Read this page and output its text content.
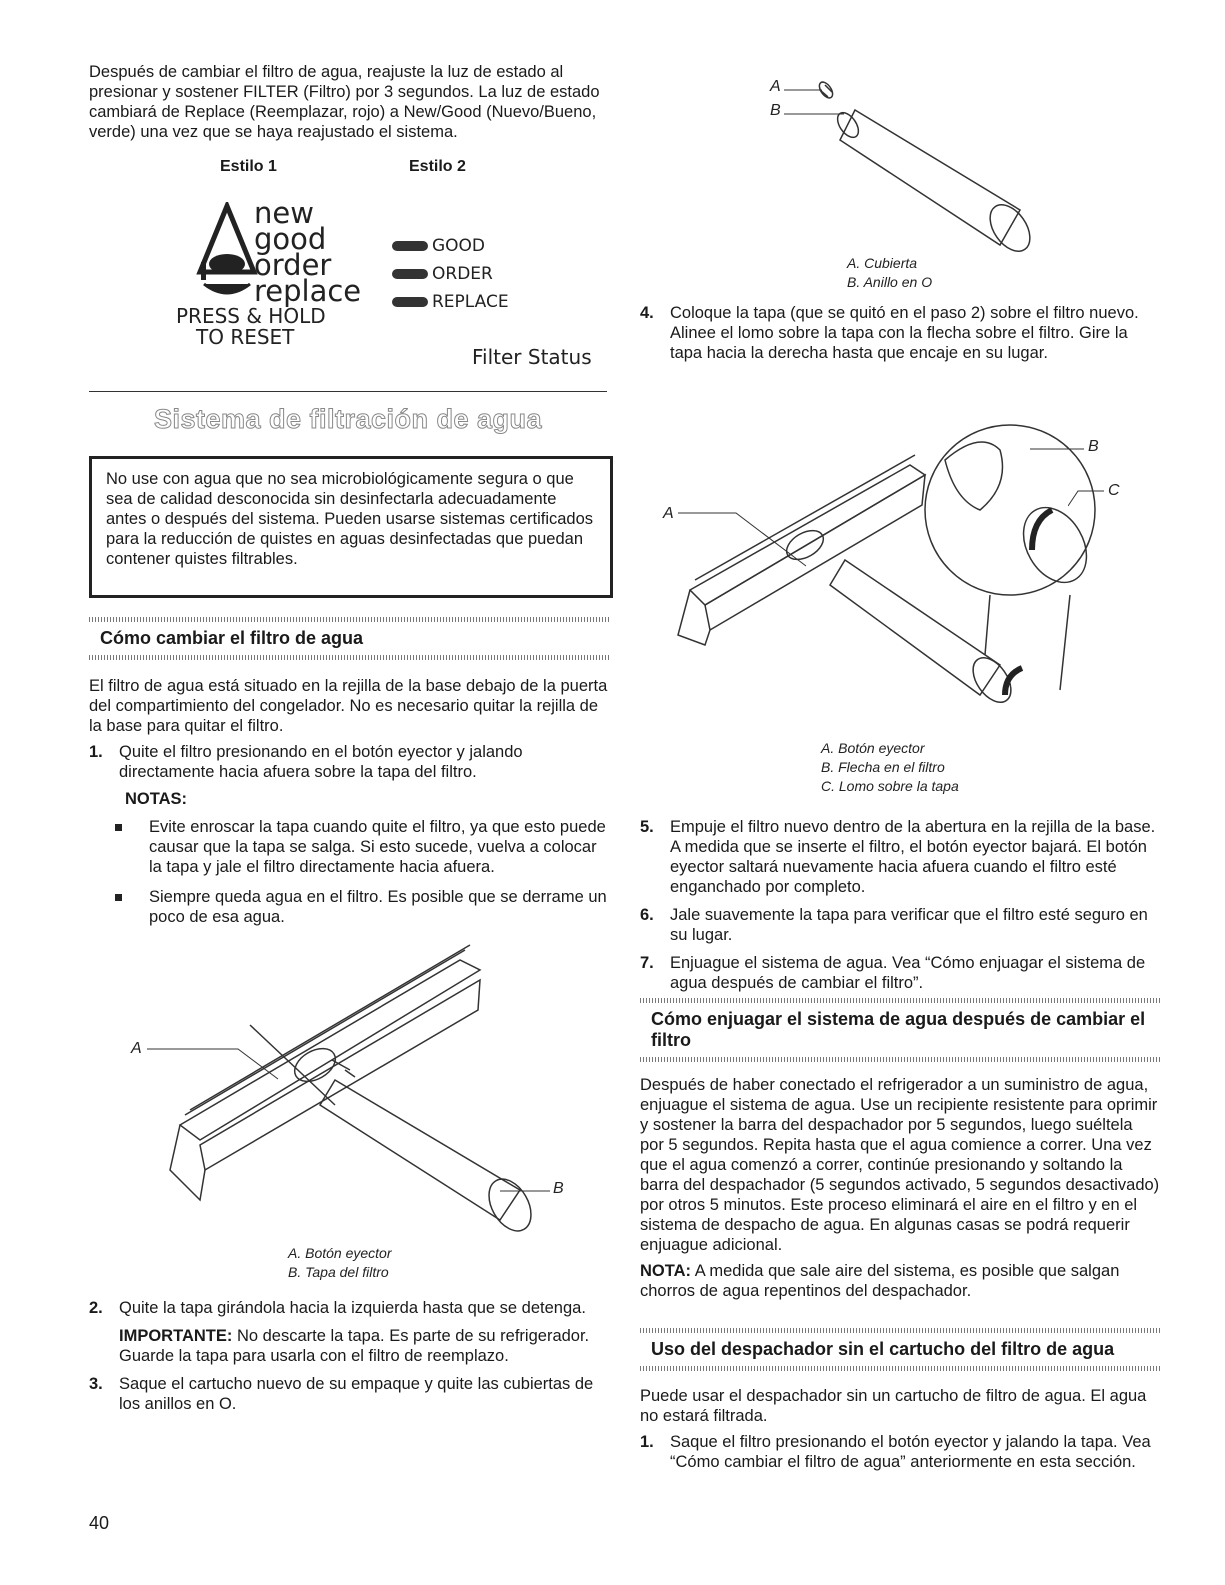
Después de cambiar el filtro de agua, reajuste la luz de estado al presionar y sostener FILTER (Filtro) por 3 segundos. La luz de estado cambiará de Replace (Reemplazar, rojo) a New/Good (Nuevo/Bueno, verde) una vez que se haya reajustado el sistema.

Estilo 1	Estilo 2
new
good
order
replace
PRESS & HOLD
TO RESET
GOOD
ORDER
REPLACE
Filter Status
Sistema de filtración de agua
No use con agua que no sea microbiológicamente segura o que sea de calidad desconocida sin desinfectarla adecuadamente antes o después del sistema. Pueden usarse sistemas certificados para la reducción de quistes en aguas desinfectadas que puedan contener quistes filtrables.
Cómo cambiar el filtro de agua

El filtro de agua está situado en la rejilla de la base debajo de la puerta del compartimiento del congelador. No es necesario quitar la rejilla de la base para quitar el filtro.

1. Quite el filtro presionando en el botón eyector y jalando directamente hacia afuera sobre la tapa del filtro.
NOTAS:
Evite enroscar la tapa cuando quite el filtro, ya que esto puede causar que la tapa se salga. Si esto sucede, vuelva a colocar la tapa y jale el filtro directamente hacia afuera.
Siempre queda agua en el filtro. Es posible que se derrame un poco de esa agua.
A
B
A. Botón eyector
B. Tapa del filtro
2. Quite la tapa girándola hacia la izquierda hasta que se detenga.
IMPORTANTE: No descarte la tapa. Es parte de su refrigerador. Guarde la tapa para usarla con el filtro de reemplazo.
3. Saque el cartucho nuevo de su empaque y quite las cubiertas de los anillos en O.
A
B
A. Cubierta
B. Anillo en O
4. Coloque la tapa (que se quitó en el paso 2) sobre el filtro nuevo. Alinee el lomo sobre la tapa con la flecha sobre el filtro. Gire la tapa hacia la derecha hasta que encaje en su lugar.
A
B
C
A. Botón eyector
B. Flecha en el filtro
C. Lomo sobre la tapa
5. Empuje el filtro nuevo dentro de la abertura en la rejilla de la base. A medida que se inserte el filtro, el botón eyector bajará. El botón eyector saltará nuevamente hacia afuera cuando el filtro esté enganchado por completo.
6. Jale suavemente la tapa para verificar que el filtro esté seguro en su lugar.
7. Enjuague el sistema de agua. Vea “Cómo enjuagar el sistema de agua después de cambiar el filtro”.
Cómo enjuagar el sistema de agua después de cambiar el filtro

Después de haber conectado el refrigerador a un suministro de agua, enjuague el sistema de agua. Use un recipiente resistente para oprimir y sostener la barra del despachador por 5 segundos, luego suéltela por 5 segundos. Repita hasta que el agua comience a correr. Una vez que el agua comenzó a correr, continúe presionando y soltando la barra del despachador (5 segundos activado, 5 segundos desactivado) por otros 5 minutos. Este proceso eliminará el aire en el filtro y en el sistema de despacho de agua. En algunas casas se podrá requerir enjuague adicional.

NOTA: A medida que sale aire del sistema, es posible que salgan chorros de agua repentinos del despachador.

Uso del despachador sin el cartucho del filtro de agua

Puede usar el despachador sin un cartucho de filtro de agua. El agua no estará filtrada.

1. Saque el filtro presionando el botón eyector y jalando la tapa. Vea “Cómo cambiar el filtro de agua” anteriormente en esta sección.
40
